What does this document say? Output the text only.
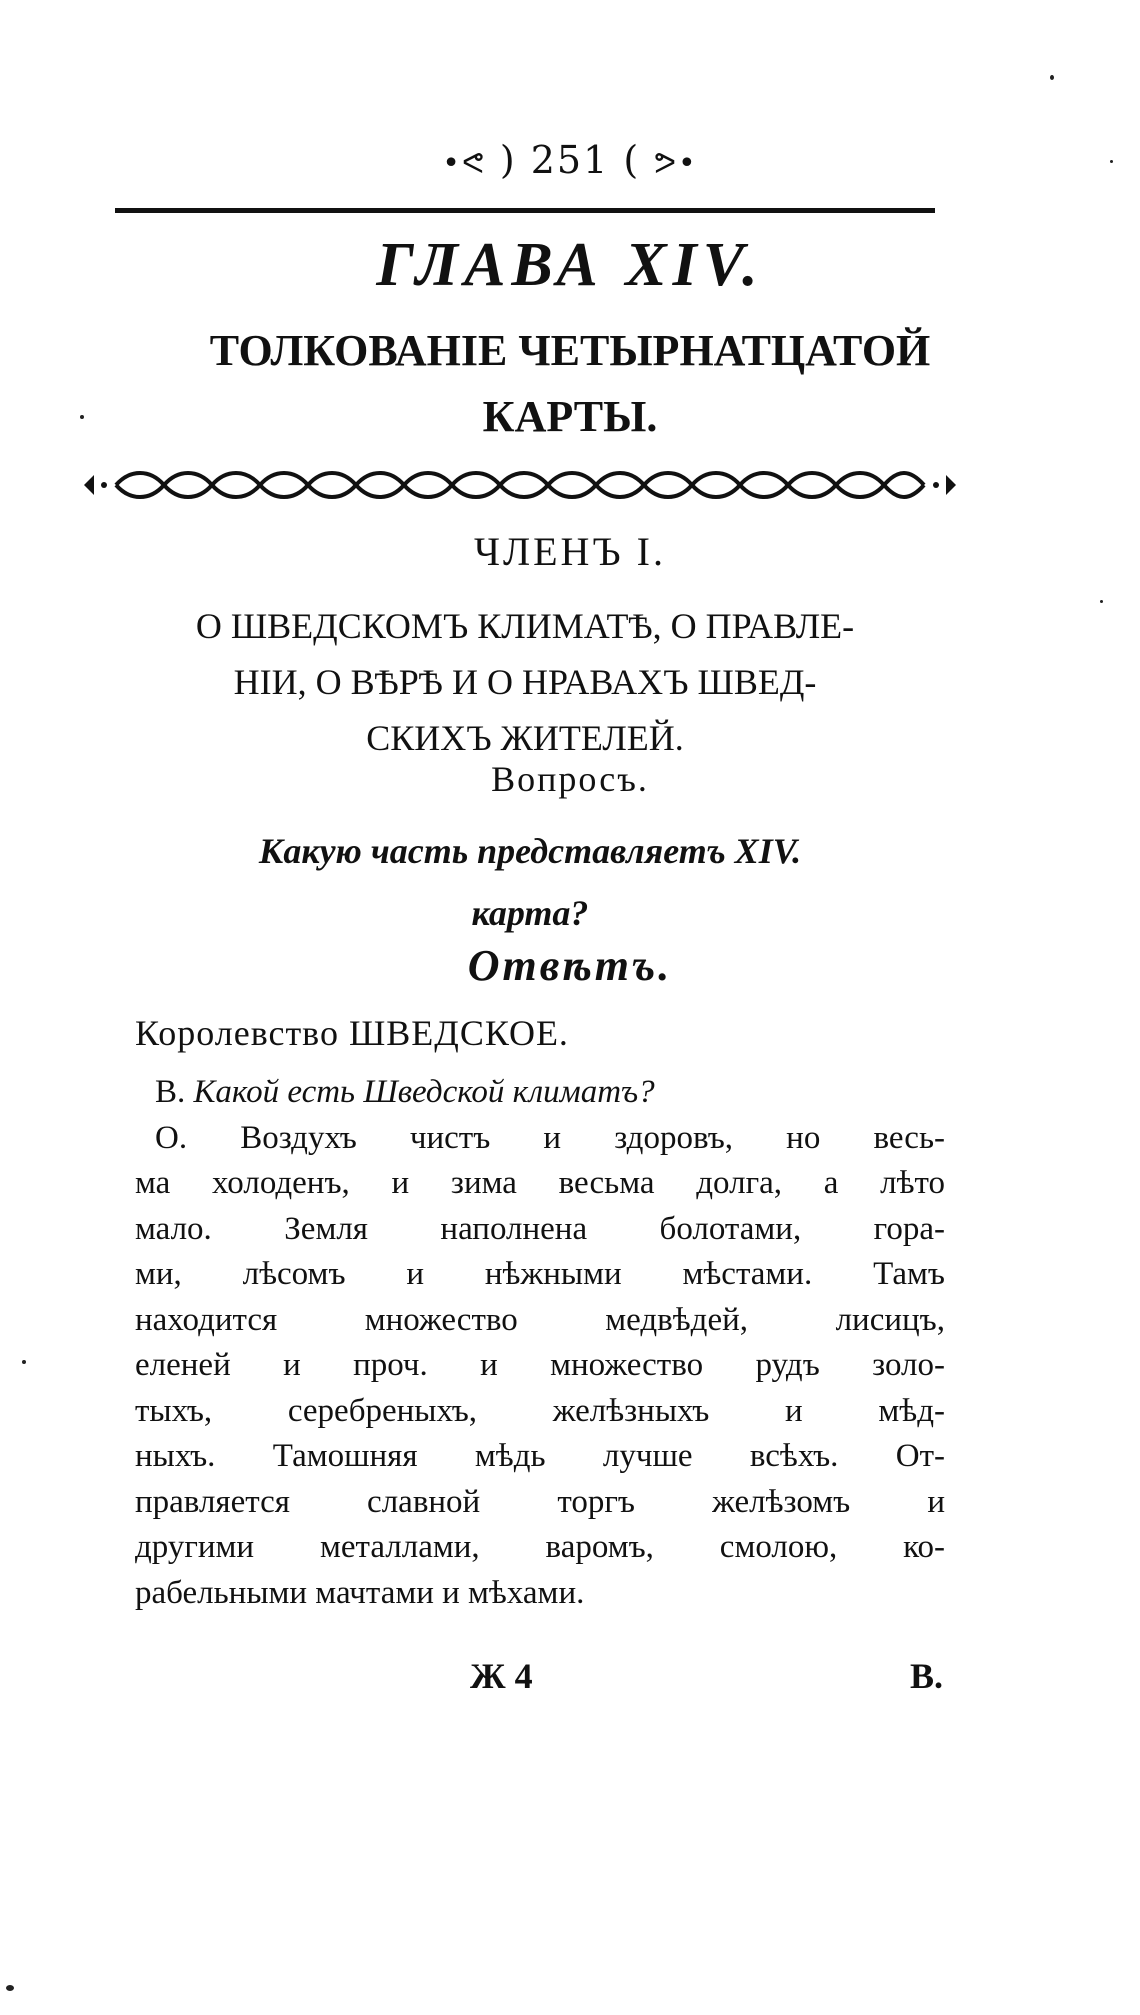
•ᕙ ) 251 ( ᕗ•
ГЛАВА XIV.
ТОЛКОВАНІЕ ЧЕТЫРНАТЦАТОЙ
КАРТЫ.
ЧЛЕНЪ I.
О ШВЕДСКОМЪ КЛИМАТѢ, О ПРАВЛЕ-
НІИ, О ВѢРѢ И О НРАВАХЪ ШВЕД-
СКИХЪ ЖИТЕЛЕЙ.
Вопросъ.
Какую часть представляетъ XIV.
карта?
Отвѣтъ.
Королевство ШВЕДСКОЕ.
В. Какой есть Шведской климатъ?
О. Воздухъ чистъ и здоровъ, но весь-
ма холоденъ, и зима весьма долга, а лѣто
мало. Земля наполнена болотами, гора-
ми, лѣсомъ и нѣжными мѣстами. Тамъ
находится множество медвѣдей, лисицъ,
еленей и проч. и множество рудъ золо-
тыхъ, серебреныхъ, желѣзныхъ и мѣд-
ныхъ. Тамошняя мѣдь лучше всѣхъ. От-
правляется славной торгъ желѣзомъ и
другими металлами, варомъ, смолою, ко-
рабельными мачтами и мѣхами.
Ж 4	В.
